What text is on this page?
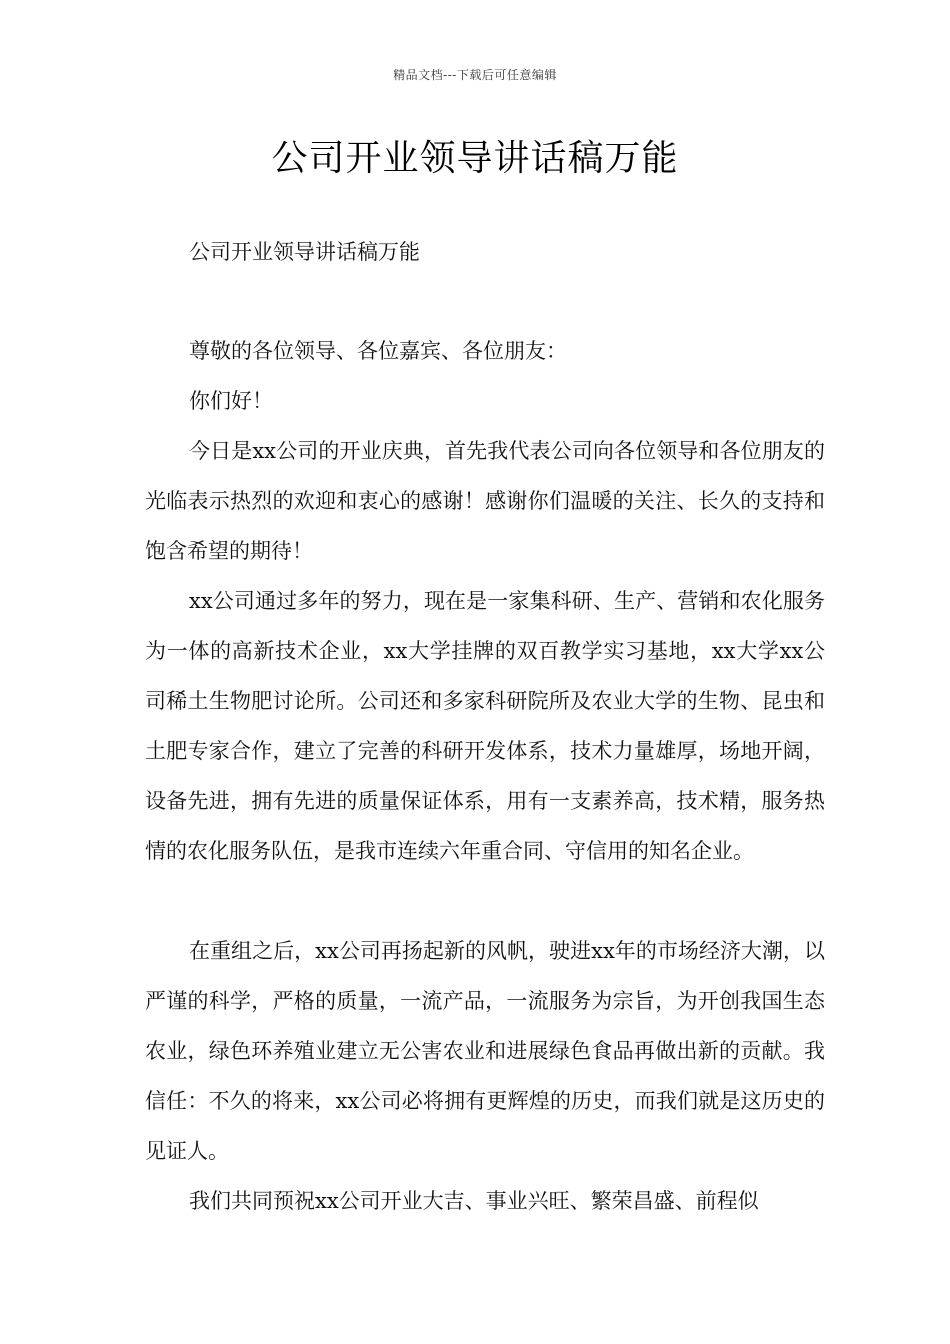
精品文档---下载后可任意编辑
公司开业领导讲话稿万能
公司开业领导讲话稿万能
尊敬的各位领导、各位嘉宾、各位朋友：
你们好！
今日是xx公司的开业庆典，首先我代表公司向各位领导和各位朋友的光临表示热烈的欢迎和衷心的感谢！感谢你们温暖的关注、长久的支持和饱含希望的期待！
xx公司通过多年的努力，现在是一家集科研、生产、营销和农化服务为一体的高新技术企业，xx大学挂牌的双百教学实习基地，xx大学xx公司稀土生物肥讨论所。公司还和多家科研院所及农业大学的生物、昆虫和土肥专家合作，建立了完善的科研开发体系，技术力量雄厚，场地开阔，设备先进，拥有先进的质量保证体系，用有一支素养高，技术精，服务热情的农化服务队伍，是我市连续六年重合同、守信用的知名企业。
在重组之后，xx公司再扬起新的风帆，驶进xx年的市场经济大潮，以严谨的科学，严格的质量，一流产品，一流服务为宗旨，为开创我国生态农业，绿色环养殖业建立无公害农业和进展绿色食品再做出新的贡献。我信任：不久的将来，xx公司必将拥有更辉煌的历史，而我们就是这历史的见证人。
我们共同预祝xx公司开业大吉、事业兴旺、繁荣昌盛、前程似
